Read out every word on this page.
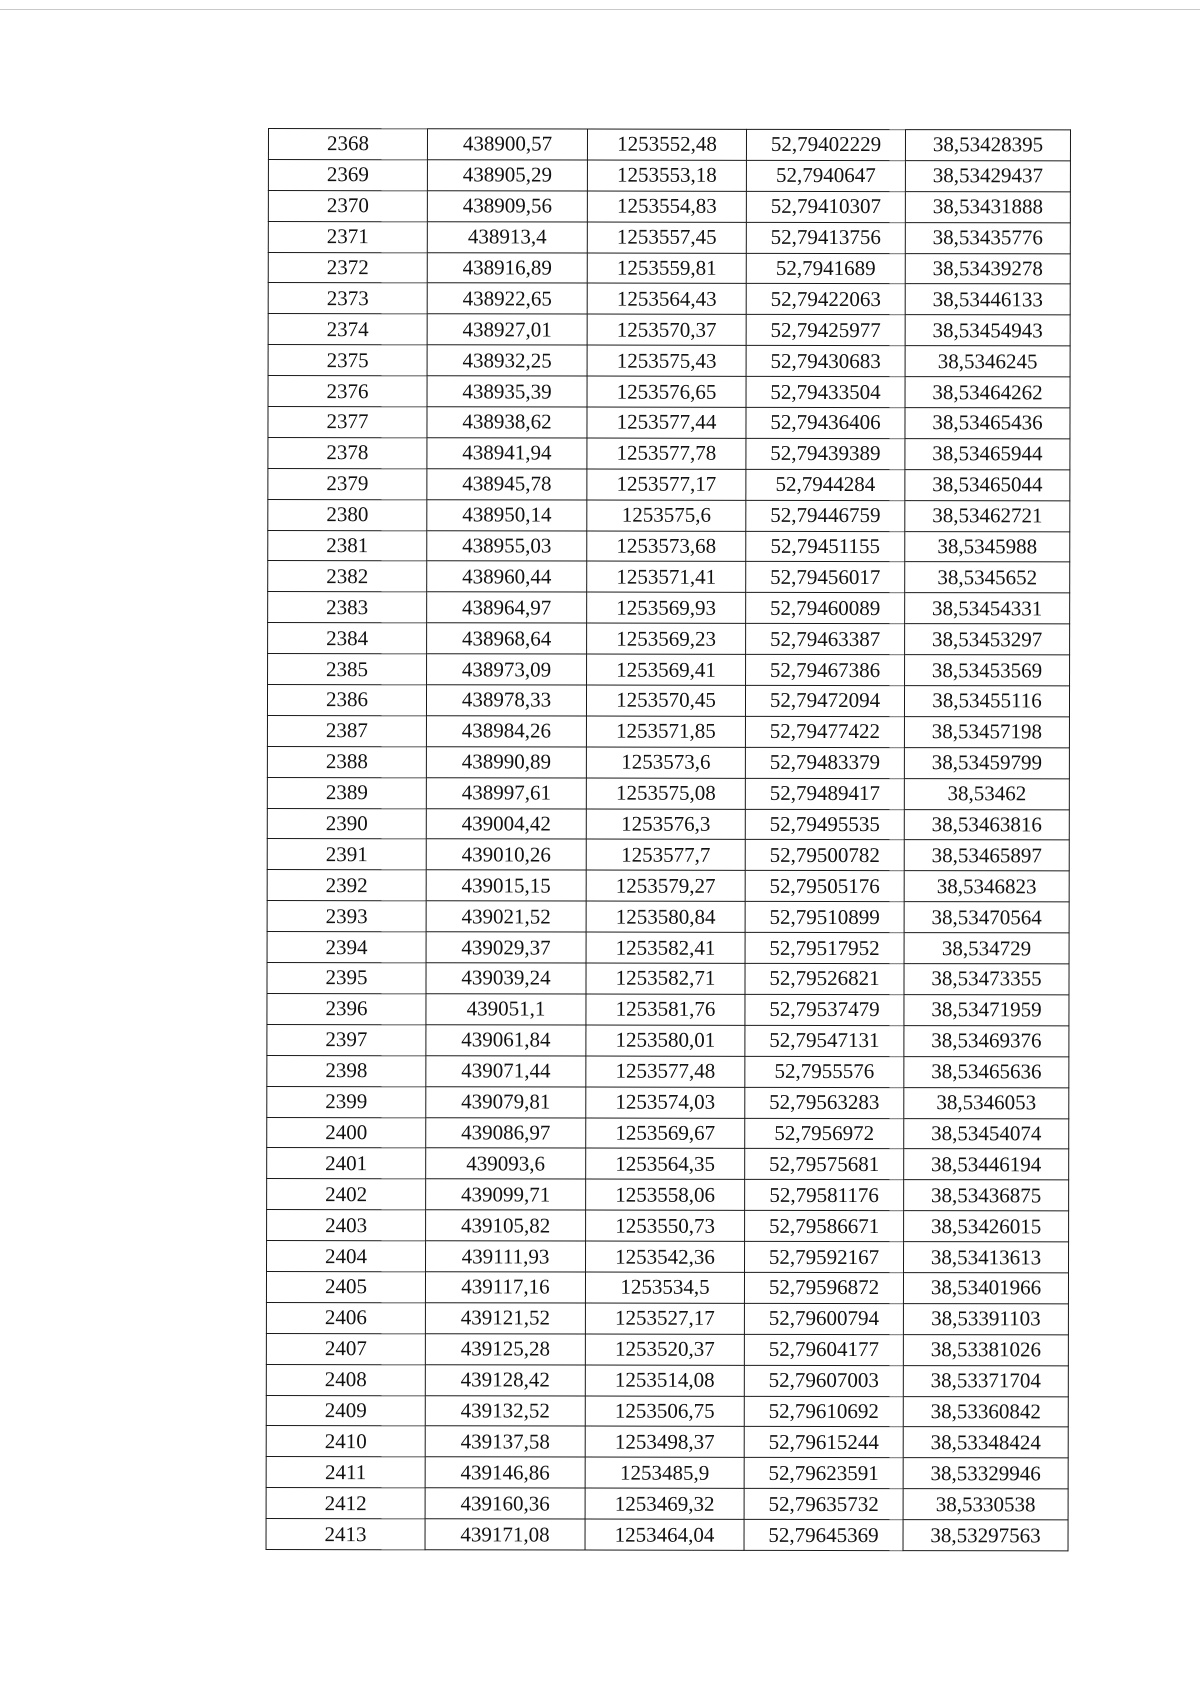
2368	438900,57	1253552,48	52,79402229	38,53428395
2369	438905,29	1253553,18	52,7940647	38,53429437
2370	438909,56	1253554,83	52,79410307	38,53431888
2371	438913,4	1253557,45	52,79413756	38,53435776
2372	438916,89	1253559,81	52,7941689	38,53439278
2373	438922,65	1253564,43	52,79422063	38,53446133
2374	438927,01	1253570,37	52,79425977	38,53454943
2375	438932,25	1253575,43	52,79430683	38,5346245
2376	438935,39	1253576,65	52,79433504	38,53464262
2377	438938,62	1253577,44	52,79436406	38,53465436
2378	438941,94	1253577,78	52,79439389	38,53465944
2379	438945,78	1253577,17	52,7944284	38,53465044
2380	438950,14	1253575,6	52,79446759	38,53462721
2381	438955,03	1253573,68	52,79451155	38,5345988
2382	438960,44	1253571,41	52,79456017	38,5345652
2383	438964,97	1253569,93	52,79460089	38,53454331
2384	438968,64	1253569,23	52,79463387	38,53453297
2385	438973,09	1253569,41	52,79467386	38,53453569
2386	438978,33	1253570,45	52,79472094	38,53455116
2387	438984,26	1253571,85	52,79477422	38,53457198
2388	438990,89	1253573,6	52,79483379	38,53459799
2389	438997,61	1253575,08	52,79489417	38,53462
2390	439004,42	1253576,3	52,79495535	38,53463816
2391	439010,26	1253577,7	52,79500782	38,53465897
2392	439015,15	1253579,27	52,79505176	38,5346823
2393	439021,52	1253580,84	52,79510899	38,53470564
2394	439029,37	1253582,41	52,79517952	38,534729
2395	439039,24	1253582,71	52,79526821	38,53473355
2396	439051,1	1253581,76	52,79537479	38,53471959
2397	439061,84	1253580,01	52,79547131	38,53469376
2398	439071,44	1253577,48	52,7955576	38,53465636
2399	439079,81	1253574,03	52,79563283	38,5346053
2400	439086,97	1253569,67	52,7956972	38,53454074
2401	439093,6	1253564,35	52,79575681	38,53446194
2402	439099,71	1253558,06	52,79581176	38,53436875
2403	439105,82	1253550,73	52,79586671	38,53426015
2404	439111,93	1253542,36	52,79592167	38,53413613
2405	439117,16	1253534,5	52,79596872	38,53401966
2406	439121,52	1253527,17	52,79600794	38,53391103
2407	439125,28	1253520,37	52,79604177	38,53381026
2408	439128,42	1253514,08	52,79607003	38,53371704
2409	439132,52	1253506,75	52,79610692	38,53360842
2410	439137,58	1253498,37	52,79615244	38,53348424
2411	439146,86	1253485,9	52,79623591	38,53329946
2412	439160,36	1253469,32	52,79635732	38,5330538
2413	439171,08	1253464,04	52,79645369	38,53297563
